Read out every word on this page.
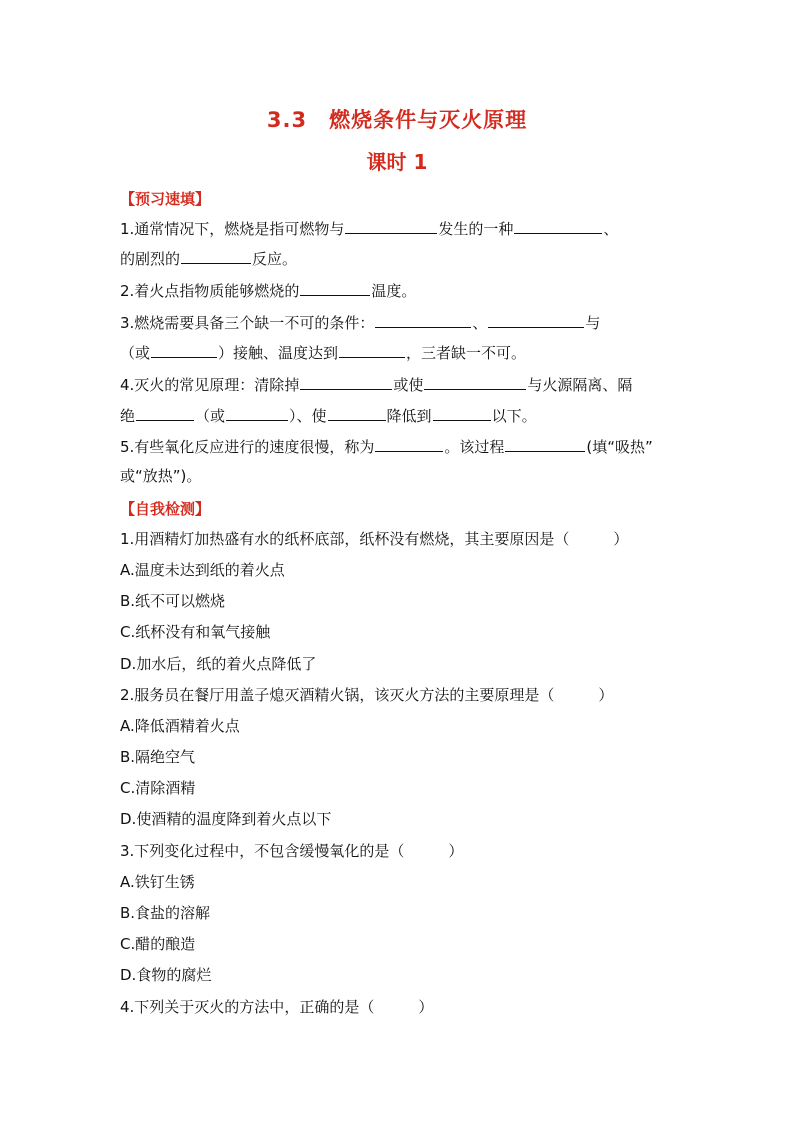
3.3　燃烧条件与灭火原理
课时 1
【预习速填】
1.通常情况下，燃烧是指可燃物与	发生的一种	、
的剧烈的	反应。
2.着火点指物质能够燃烧的	温度。
3.燃烧需要具备三个缺一不可的条件：	、	与
（或	）接触、温度达到	，三者缺一不可。
4.灭火的常见原理：清除掉	或使	与火源隔离、隔
绝	（或	）、使	降低到	以下。
5.有些氧化反应进行的速度很慢，称为	。该过程	(填“吸热”
或“放热”)。
【自我检测】
1.用酒精灯加热盛有水的纸杯底部，纸杯没有燃烧，其主要原因是（	）
A.温度未达到纸的着火点
B.纸不可以燃烧
C.纸杯没有和氧气接触
D.加水后，纸的着火点降低了
2.服务员在餐厅用盖子熄灭酒精火锅，该灭火方法的主要原理是（	）
A.降低酒精着火点
B.隔绝空气
C.清除酒精
D.使酒精的温度降到着火点以下
3.下列变化过程中，不包含缓慢氧化的是（	）
A.铁钉生锈
B.食盐的溶解
C.醋的酿造
D.食物的腐烂
4.下列关于灭火的方法中，正确的是（	）
